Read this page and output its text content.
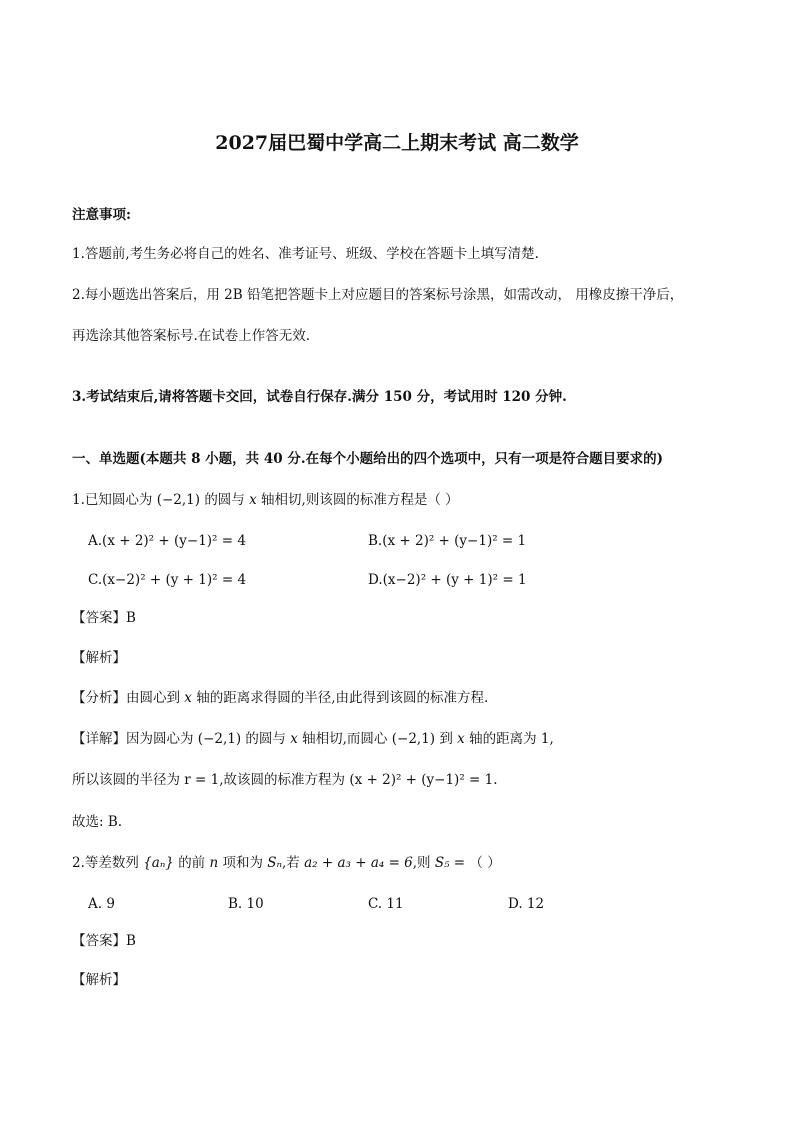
2027届巴蜀中学高二上期末考试 高二数学
注意事项:
1.答题前,考生务必将自己的姓名、准考证号、班级、学校在答题卡上填写清楚.
2.每小题选出答案后，用 2B 铅笔把答题卡上对应题目的答案标号涂黑，如需改动， 用橡皮擦干净后，
再选涂其他答案标号.在试卷上作答无效.
3.考试结束后,请将答题卡交回，试卷自行保存.满分 150 分，考试用时 120 分钟.
一、单选题(本题共 8 小题，共 40 分.在每个小题给出的四个选项中，只有一项是符合题目要求的)
1.已知圆心为 (−2,1) 的圆与 x 轴相切,则该圆的标准方程是（ ）
A.(x + 2)² + (y−1)² = 4	B.(x + 2)² + (y−1)² = 1
C.(x−2)² + (y + 1)² = 4	D.(x−2)² + (y + 1)² = 1
【答案】B
【解析】
【分析】由圆心到 x 轴的距离求得圆的半径,由此得到该圆的标准方程.
【详解】因为圆心为 (−2,1) 的圆与 x 轴相切,而圆心 (−2,1) 到 x 轴的距离为 1,
所以该圆的半径为 r = 1,故该圆的标准方程为 (x + 2)² + (y−1)² = 1.
故选: B.
2.等差数列 {aₙ} 的前 n 项和为 Sₙ,若 a₂ + a₃ + a₄ = 6,则 S₅ = （ ）
A. 9	B. 10	C. 11	D. 12
【答案】B
【解析】
